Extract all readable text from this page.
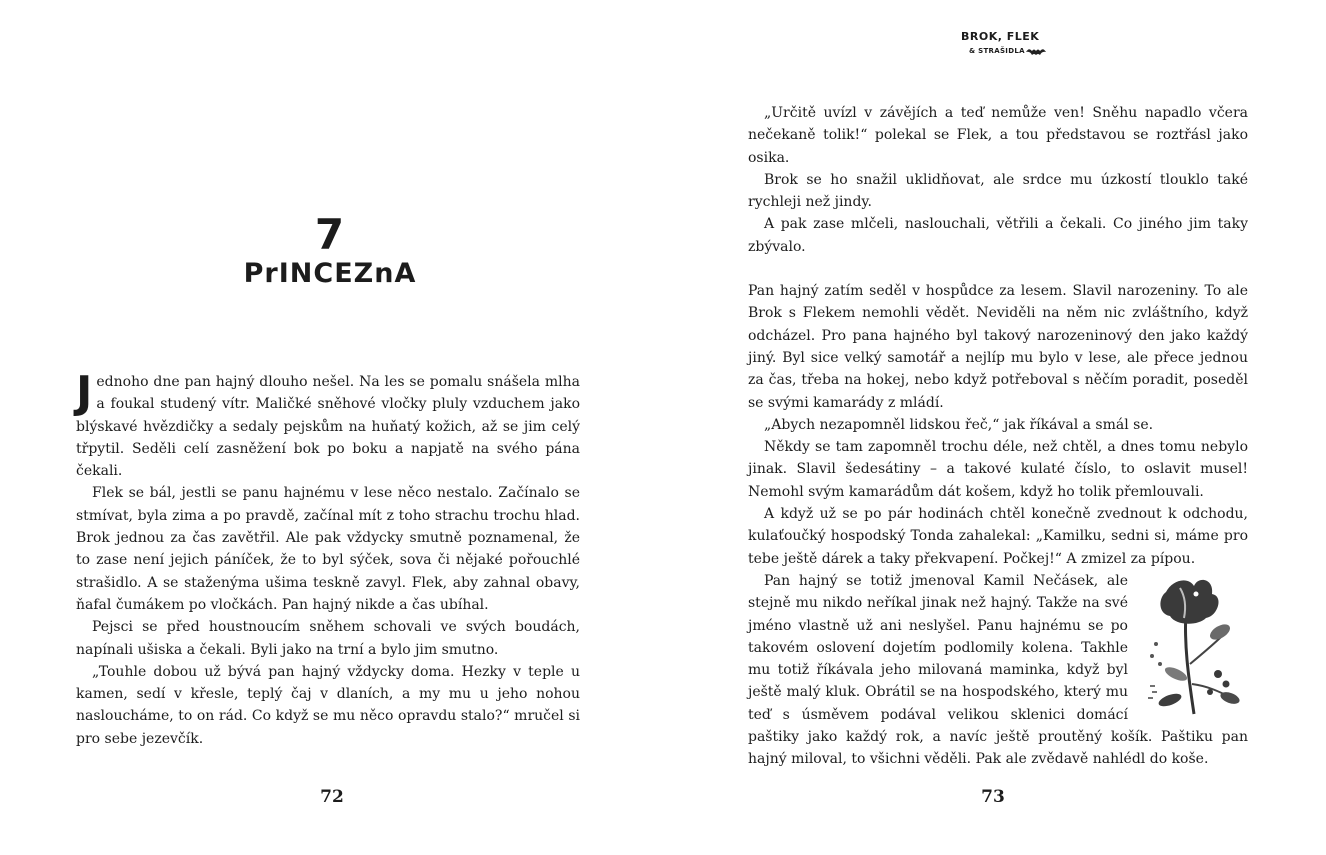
7
PrINCEZnA

Jednoho dne pan hajný dlouho nešel. Na les se pomalu snášela mlha a foukal studený vítr. Maličké sněhové vločky pluly vzduchem jako blýskavé hvězdičky a sedaly pejskům na huňatý kožich, až se jim celý třpytil. Seděli celí zasněžení bok po boku a napjatě na svého pána čekali.

Flek se bál, jestli se panu hajnému v lese něco nestalo. Začínalo se stmívat, byla zima a po pravdě, začínal mít z toho strachu trochu hlad. Brok jednou za čas zavětřil. Ale pak vždycky smutně poznamenal, že to zase není jejich páníček, že to byl sýček, sova či nějaké pořouchlé strašidlo. A se staženýma ušima teskně zavyl. Flek, aby zahnal obavy, ňafal čumákem po vločkách. Pan hajný nikde a čas ubíhal.

Pejsci se před houstnoucím sněhem schovali ve svých boudách, napínali ušiska a čekali. Byli jako na trní a bylo jim smutno.

„Touhle dobou už bývá pan hajný vždycky doma. Hezky v teple u kamen, sedí v křesle, teplý čaj v dlaních, a my mu u jeho nohou nasloucháme, to on rád. Co když se mu něco opravdu stalo?“ mručel si pro sebe jezevčík.

72
BROK, FLEK
& STRAŠIDLA

„Určitě uvízl v závějích a teď nemůže ven! Sněhu napadlo včera nečekaně tolik!“ polekal se Flek, a tou představou se roztřásl jako osika.

Brok se ho snažil uklidňovat, ale srdce mu úzkostí tlouklo také rychleji než jindy.

A pak zase mlčeli, naslouchali, větřili a čekali. Co jiného jim taky zbývalo.

Pan hajný zatím seděl v hospůdce za lesem. Slavil narozeniny. To ale Brok s Flekem nemohli vědět. Neviděli na něm nic zvláštního, když odcházel. Pro pana hajného byl takový narozeninový den jako každý jiný. Byl sice velký samotář a nejlíp mu bylo v lese, ale přece jednou za čas, třeba na hokej, nebo když potřeboval s něčím poradit, poseděl se svými kamarády z mládí.

„Abych nezapomněl lidskou řeč,“ jak říkával a smál se.

Někdy se tam zapomněl trochu déle, než chtěl, a dnes tomu nebylo jinak. Slavil šedesátiny – a takové kulaté číslo, to oslavit musel! Nemohl svým kamarádům dát košem, když ho tolik přemlouvali.

A když už se po pár hodinách chtěl konečně zvednout k odchodu, kulaťoučký hospodský Tonda zahalekal: „Kamilku, sedni si, máme pro tebe ještě dárek a taky překvapení. Počkej!“ A zmizel za pípou.

Pan hajný se totiž jmenoval Kamil Nečásek, ale stejně mu nikdo neříkal jinak než hajný. Takže na své jméno vlastně už ani neslyšel. Panu hajnému se po takovém oslovení dojetím podlomily kolena. Takhle mu totiž říkávala jeho milovaná maminka, když byl ještě malý kluk. Obrátil se na hospodského, který mu teď s úsměvem podával velikou sklenici domácí paštiky jako každý rok, a navíc ještě proutěný košík. Paštiku pan hajný miloval, to všichni věděli. Pak ale zvědavě nahlédl do koše.

73
